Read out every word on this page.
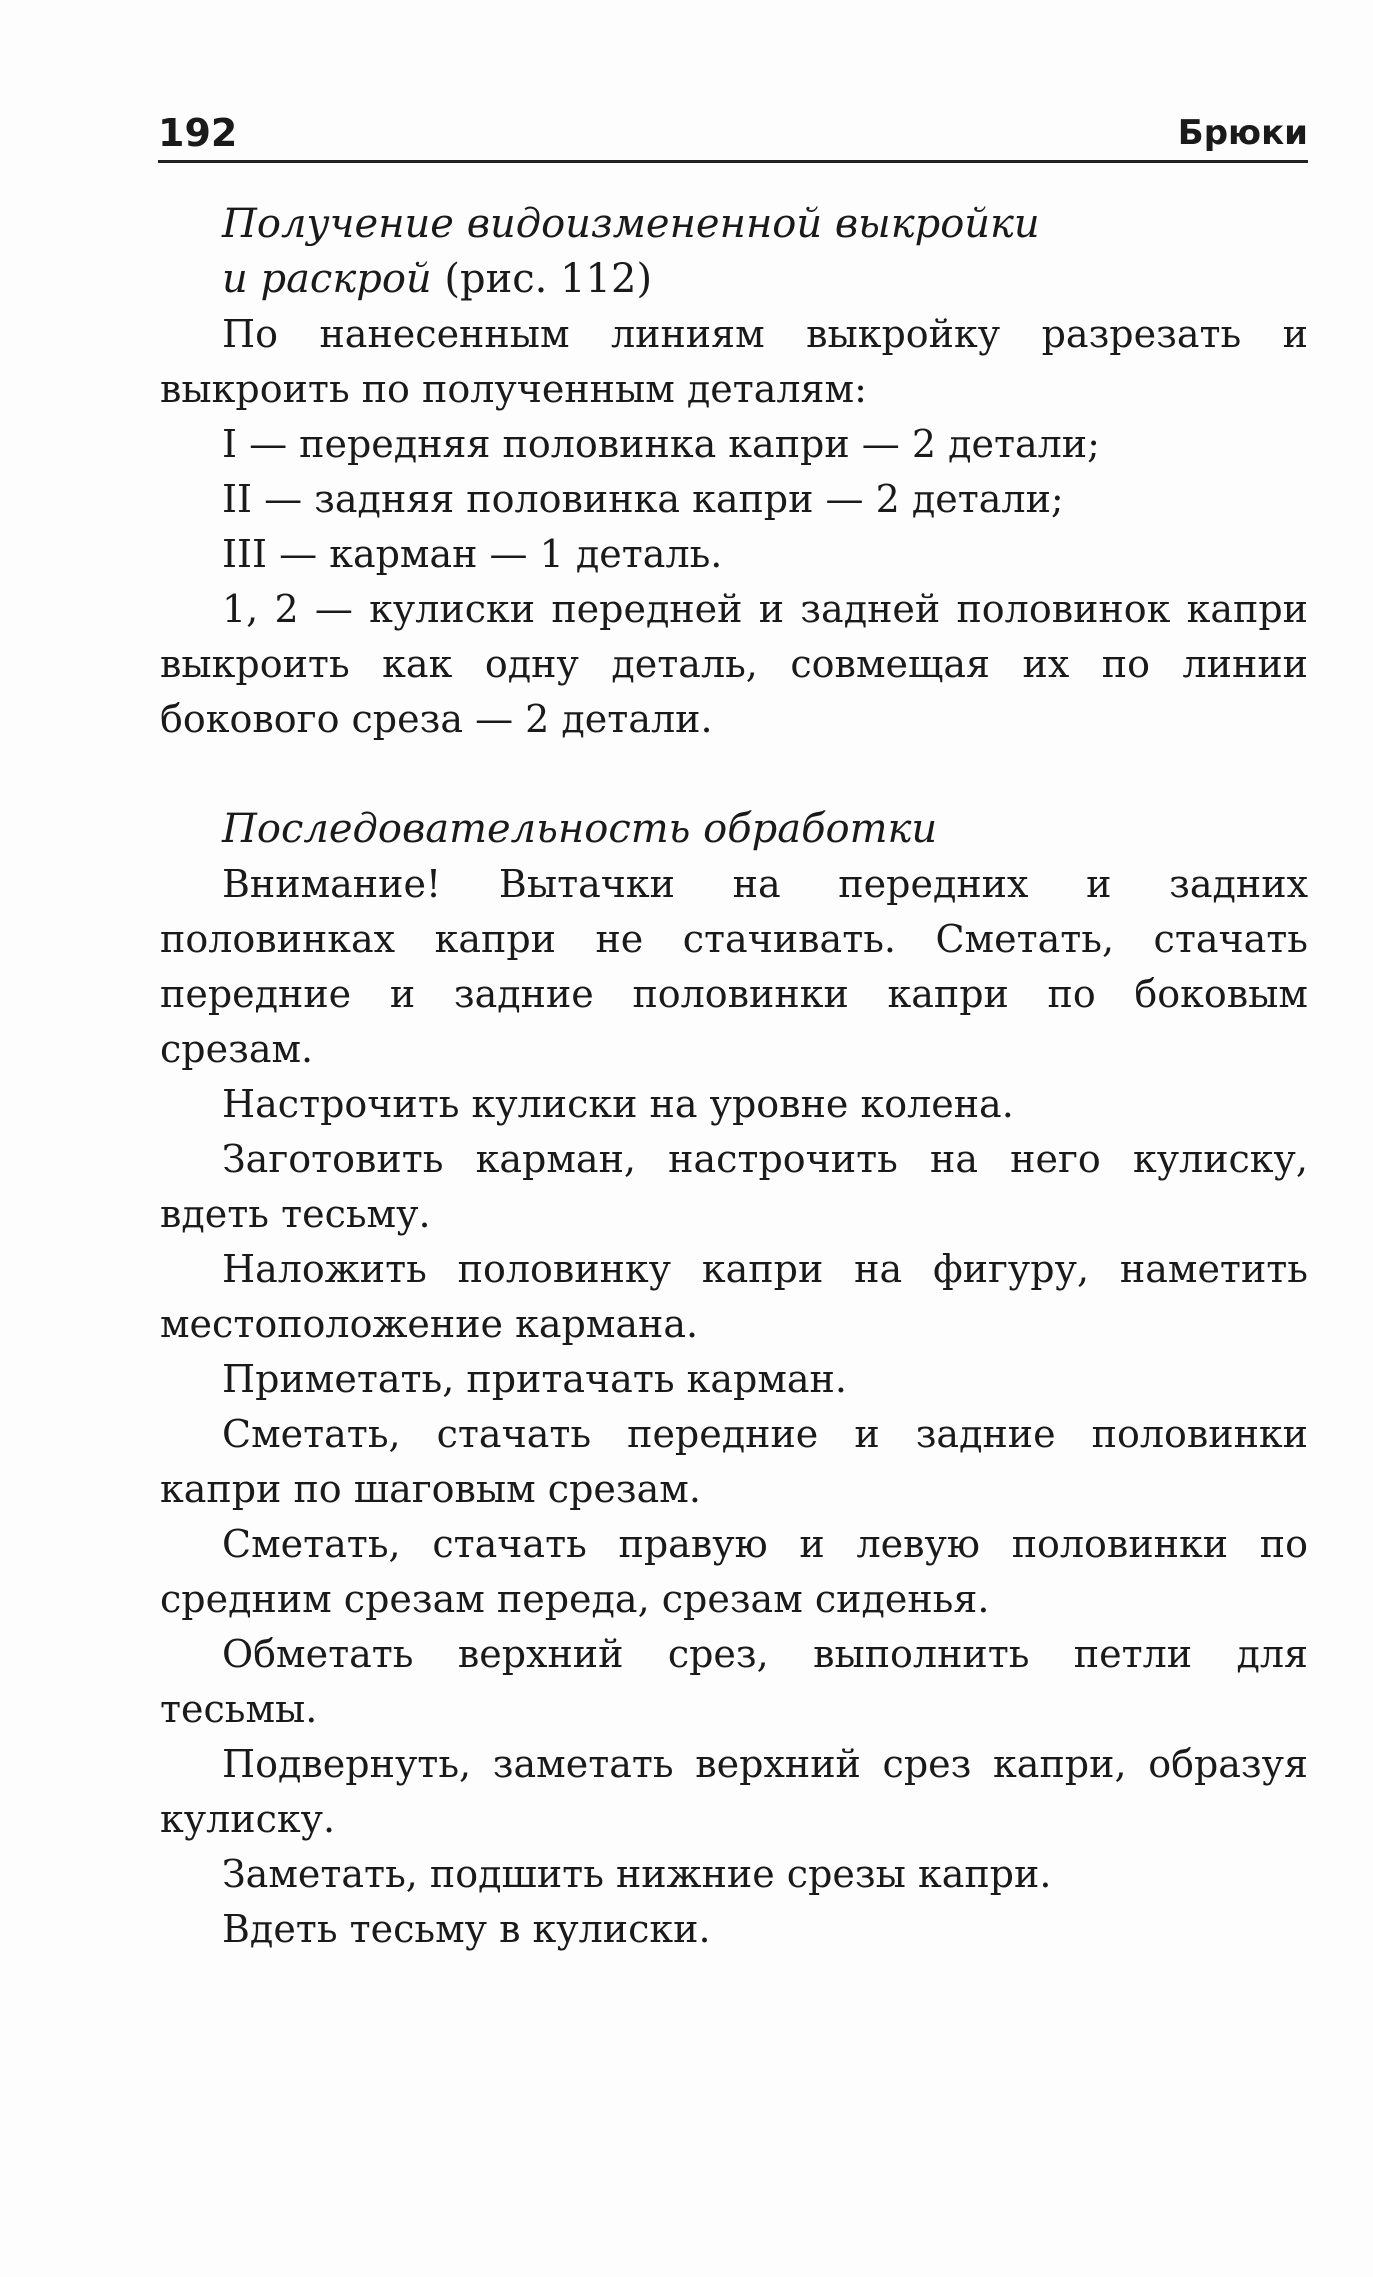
192	Брюки
Получение видоизмененной выкройки
и раскрой (рис. 112)

По нанесенным линиям выкройку разрезать и выкроить по полученным деталям:

I — передняя половинка капри — 2 детали;

II — задняя половинка капри — 2 детали;

III — карман — 1 деталь.

1, 2 — кулиски передней и задней половинок капри выкроить как одну деталь, совмещая их по линии бокового среза — 2 детали.

Последовательность обработки

Внимание! Вытачки на передних и задних половинках капри не стачивать. Сметать, стачать передние и задние половинки капри по боковым срезам.

Настрочить кулиски на уровне колена.

Заготовить карман, настрочить на него кулиску, вдеть тесьму.

Наложить половинку капри на фигуру, наметить местоположение кармана.

Приметать, притачать карман.

Сметать, стачать передние и задние половинки капри по шаговым срезам.

Сметать, стачать правую и левую половинки по средним срезам переда, срезам сиденья.

Обметать верхний срез, выполнить петли для тесьмы.

Подвернуть, заметать верхний срез капри, образуя кулиску.

Заметать, подшить нижние срезы капри.

Вдеть тесьму в кулиски.
